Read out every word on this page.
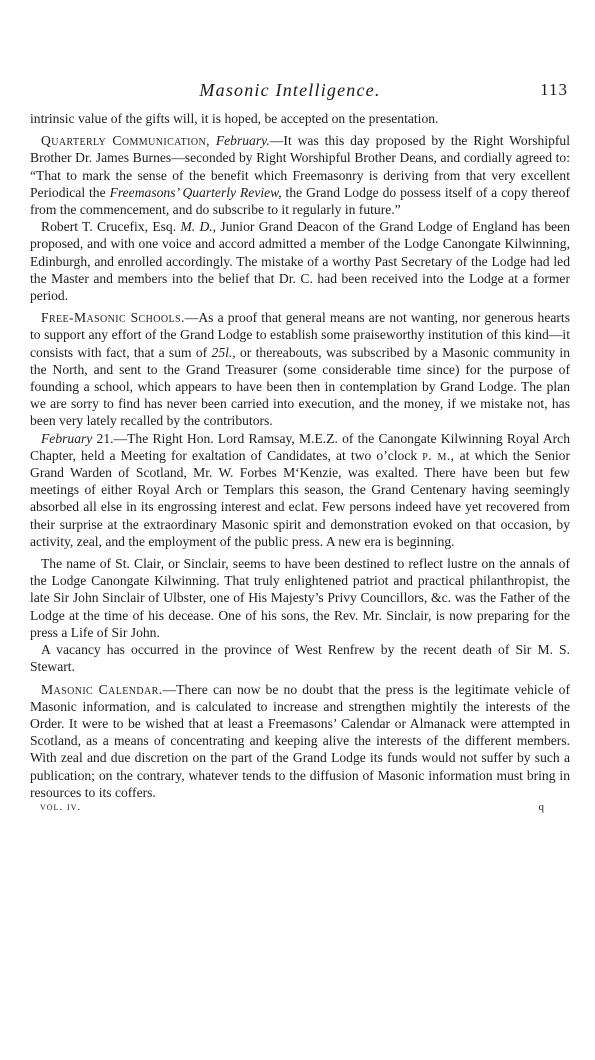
Masonic Intelligence.	113

intrinsic value of the gifts will, it is hoped, be accepted on the presentation.

Quarterly Communication, February.—It was this day proposed by the Right Worshipful Brother Dr. James Burnes—seconded by Right Worshipful Brother Deans, and cordially agreed to: “That to mark the sense of the benefit which Freemasonry is deriving from that very excellent Periodical the Freemasons’ Quarterly Review, the Grand Lodge do possess itself of a copy thereof from the commencement, and do subscribe to it regularly in future.”

Robert T. Crucefix, Esq. M. D., Junior Grand Deacon of the Grand Lodge of England has been proposed, and with one voice and accord admitted a member of the Lodge Canongate Kilwinning, Edinburgh, and enrolled accordingly. The mistake of a worthy Past Secretary of the Lodge had led the Master and members into the belief that Dr. C. had been received into the Lodge at a former period.

Free-Masonic Schools.—As a proof that general means are not wanting, nor generous hearts to support any effort of the Grand Lodge to establish some praiseworthy institution of this kind—it consists with fact, that a sum of 25l., or thereabouts, was subscribed by a Masonic community in the North, and sent to the Grand Treasurer (some considerable time since) for the purpose of founding a school, which appears to have been then in contemplation by Grand Lodge. The plan we are sorry to find has never been carried into execution, and the money, if we mistake not, has been very lately recalled by the contributors.

February 21.—The Right Hon. Lord Ramsay, M.E.Z. of the Canongate Kilwinning Royal Arch Chapter, held a Meeting for exaltation of Candidates, at two o’clock p. m., at which the Senior Grand Warden of Scotland, Mr. W. Forbes M‘Kenzie, was exalted. There have been but few meetings of either Royal Arch or Templars this season, the Grand Centenary having seemingly absorbed all else in its engrossing interest and eclat. Few persons indeed have yet recovered from their surprise at the extraordinary Masonic spirit and demonstration evoked on that occasion, by activity, zeal, and the employment of the public press. A new era is beginning.

The name of St. Clair, or Sinclair, seems to have been destined to reflect lustre on the annals of the Lodge Canongate Kilwinning. That truly enlightened patriot and practical philanthropist, the late Sir John Sinclair of Ulbster, one of His Majesty’s Privy Councillors, &c. was the Father of the Lodge at the time of his decease. One of his sons, the Rev. Mr. Sinclair, is now preparing for the press a Life of Sir John.

A vacancy has occurred in the province of West Renfrew by the recent death of Sir M. S. Stewart.

Masonic Calendar.—There can now be no doubt that the press is the legitimate vehicle of Masonic information, and is calculated to increase and strengthen mightily the interests of the Order. It were to be wished that at least a Freemasons’ Calendar or Almanack were attempted in Scotland, as a means of concentrating and keeping alive the interests of the different members. With zeal and due discretion on the part of the Grand Lodge its funds would not suffer by such a publication; on the contrary, whatever tends to the diffusion of Masonic information must bring in resources to its coffers.

vol. iv.	q
